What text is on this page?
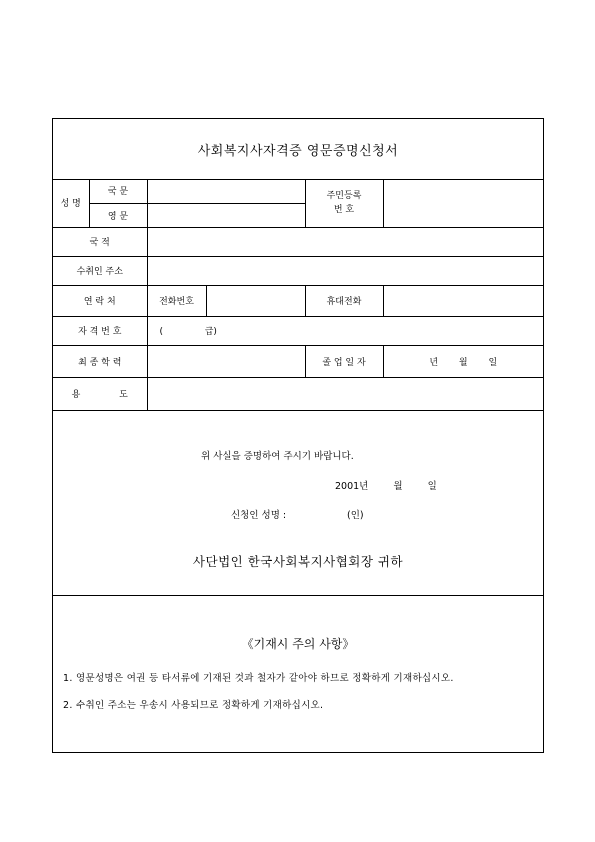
사회복지사자격증 영문증명신청서
성 명	국 문		주민등록
번 호	
	영 문			
국 적				
수취인 주소				
연 락 처		전화번호	휴대전화	
자 격 번 호		(  급)		
최 종 학 력			졸 업 일 자	년 월 일
용 도				
위 사실을 증명하여 주시기 바랍니다.
2001년 월 일
신청인 성명 :	(인)
사단법인 한국사회복지사협회장 귀하
《기재시 주의 사항》
1. 영문성명은 여권 등 타서류에 기재된 것과 철자가 같아야 하므로 정확하게 기재하십시오.
2. 수취인 주소는 우송시 사용되므로 정확하게 기재하십시오.
